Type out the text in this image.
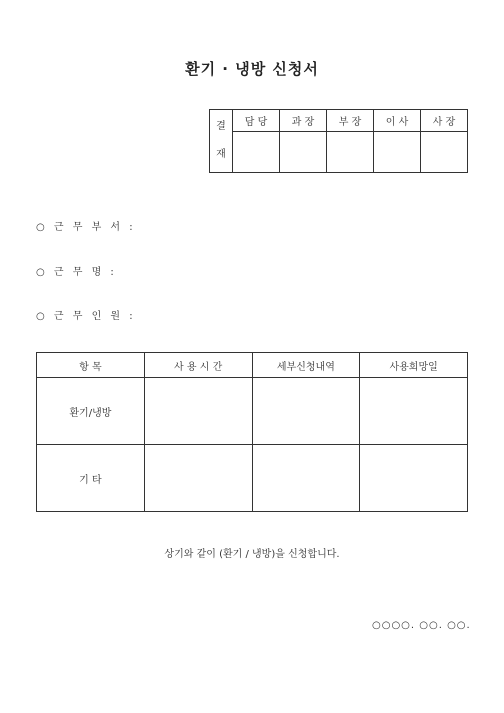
환기 · 냉방 신청서
결
재	담 당	과 장	부 장	이 사	사 장

○ 근 무 부 서 :
○ 근 무 명 :
○ 근 무 인 원 :
항 목	사 용 시 간	세부신청내역	사용희망일
환기/냉방			
기 타			
상기와 같이 (환기 / 냉방)을 신청합니다.
○○○○. ○○. ○○.
